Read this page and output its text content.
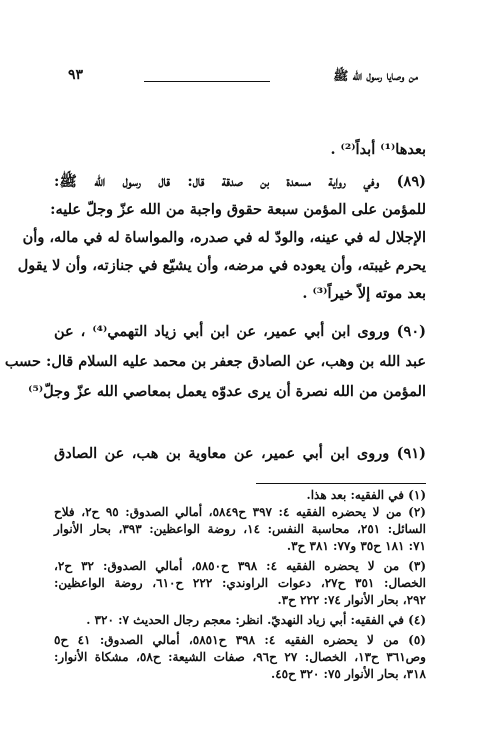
من وصايا رسول الله ﷺ
٩٣
بعدها⁽¹⁾ أبداً⁽²⁾ .
(٨٩) وفي رواية مسعدة بن صدقة قال: قال رسول الله ﷺ:
للمؤمن على المؤمن سبعة حقوق واجبة من الله عزّ وجلّ عليه:
الإجلال له في عينه، والودّ له في صدره، والمواساة له في ماله، وأن
يحرم غيبته، وأن يعوده في مرضه، وأن يشيّع في جنازته، وأن لا يقول
بعد موته إلاّ خيراً⁽³⁾ .
(٩٠) وروى ابن أبي عمير، عن ابن أبي زياد التهمي⁽⁴⁾ ، عن
عبد الله بن وهب، عن الصادق جعفر بن محمد عليه السلام قال: حسب
المؤمن من الله نصرة أن يرى عدوّه يعمل بمعاصي الله عزّ وجلّ⁽⁵⁾
(٩١) وروى ابن أبي عمير، عن معاوية بن هب، عن الصادق
(١) في الفقيه: بعد هذا.
(٢) من لا يحضره الفقيه ٤: ٣٩٧ ح٥٨٤٩، أمالي الصدوق: ٩٥ ح٢، فلاح
السائل: ٢٥١، محاسبة النفس: ١٤، روضة الواعظين: ٣٩٣، بحار الأنوار
٧١: ١٨١ ح٣٥ و٧٧: ٣٨١ ح٣.
(٣) من لا يحضره الفقيه ٤: ٣٩٨ ح٥٨٥٠، أمالي الصدوق: ٣٢ ح٢،
الخصال: ٣٥١ ح٢٧، دعوات الراوندي: ٢٢٢ ح٦١٠، روضة الواعظين:
٢٩٢، بحار الأنوار ٧٤: ٢٢٢ ح٣.
(٤) في الفقيه: أبي زياد النهديّ. انظر: معجم رجال الحديث ٧: ٣٢٠ .
(٥) من لا يحضره الفقيه ٤: ٣٩٨ ح٥٨٥١، أمالي الصدوق: ٤١ ح٥
وص٣٦١ ح١٣، الخصال: ٢٧ ح٩٦، صفات الشيعة: ح٥٨، مشكاة الأنوار:
٣١٨، بحار الأنوار ٧٥: ٣٢٠ ح٤٥.
